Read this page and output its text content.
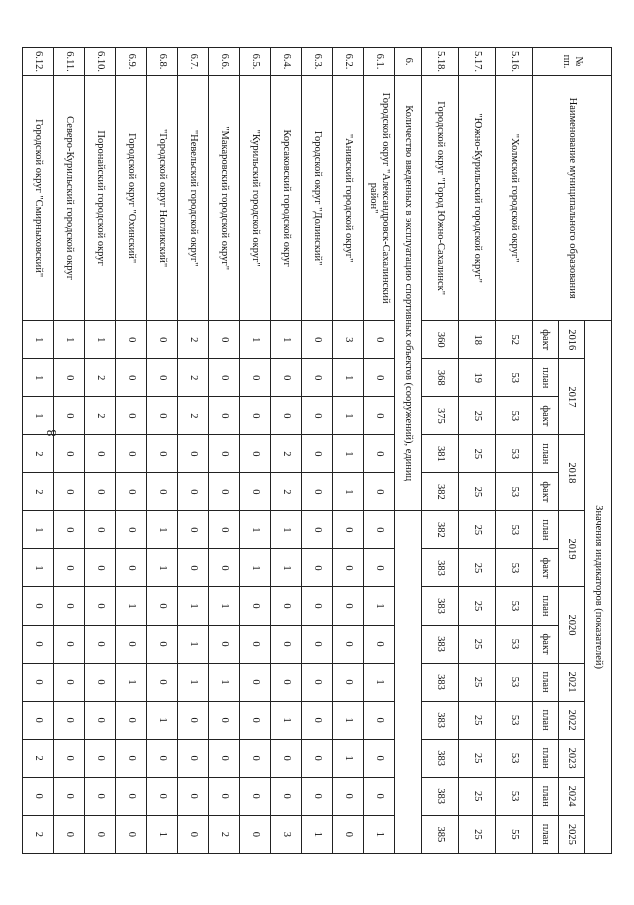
8
№ пп.	Наименование муниципального образования	Значения индикаторов (показателей)													
		2016	2017		2018		2019		2020		2021	2022	2023	2024	2025
		факт	план	факт	план	факт	план	факт	план	факт	план	план	план	план	план
5.16.	"Холмский городской округ"	52	53	53	53	53	53	53	53	53	53	53	53	53	55
5.17.	"Южно-Курильский городской округ"	18	19	25	25	25	25	25	25	25	25	25	25	25	25
5.18.	Городской округ "Город Южно-Сахалинск"	360	368	375	381	382	382	383	383	383	383	383	383	383	385
6.	Количество введенных в эксплуатацию спортивных объектов (сооружений), единиц														
6.1.	Городской округ "Александровск-Сахалинский район"	0	0	0	0	0	0	0	1	0	1	0	0	0	1
6.2.	"Анивский городской округ"	3	1	1	1	1	0	0	0	0	0	1	1	0	0
6.3.	Городской округ "Долинский"	0	0	0	0	0	0	0	0	0	0	0	0	0	1
6.4.	Корсаковский городской округ	1	0	0	2	2	1	1	0	0	0	1	0	0	3
6.5.	"Курильский городской округ"	1	0	0	0	0	1	1	0	0	0	0	0	0	0
6.6.	"Макаровский городской округ"	0	0	0	0	0	0	0	1	0	1	0	0	0	2
6.7.	"Невельский городской округ"	2	2	2	0	0	0	0	1	1	1	0	0	0	0
6.8.	"Городской округ Ногликский"	0	0	0	0	0	1	1	0	0	0	1	0	0	1
6.9.	Городской округ "Охинский"	0	0	0	0	0	0	0	1	0	1	0	0	0	0
6.10.	Поронайский городской округ	1	2	2	0	0	0	0	0	0	0	0	0	0	0
6.11.	Северо-Курильский городской округ	1	0	0	0	0	0	0	0	0	0	0	0	0	0
6.12.	Городской округ "Смирныховский"	1	1	1	2	2	1	1	0	0	0	0	2	0	2
